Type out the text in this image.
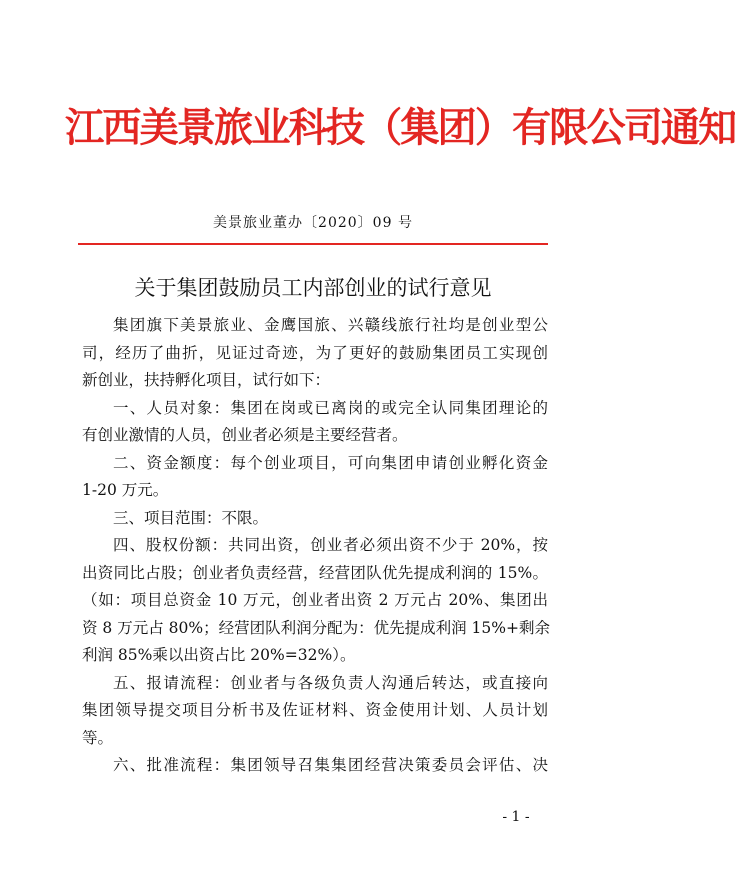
江西美景旅业科技（集团）有限公司通知
美景旅业董办〔2020〕09 号
关于集团鼓励员工内部创业的试行意见
集团旗下美景旅业、金鹰国旅、兴赣线旅行社均是创业型公
司，经历了曲折，见证过奇迹，为了更好的鼓励集团员工实现创
新创业，扶持孵化项目，试行如下：
一、人员对象：集团在岗或已离岗的或完全认同集团理论的
有创业激情的人员，创业者必须是主要经营者。
二、资金额度：每个创业项目，可向集团申请创业孵化资金
1-20 万元。
三、项目范围：不限。
四、股权份额：共同出资，创业者必须出资不少于 20%，按
出资同比占股；创业者负责经营，经营团队优先提成利润的 15%。
（如：项目总资金 10 万元，创业者出资 2 万元占 20%、集团出
资 8 万元占 80%；经营团队利润分配为：优先提成利润 15%+剩余
利润 85%乘以出资占比 20%=32%）。
五、报请流程：创业者与各级负责人沟通后转达，或直接向
集团领导提交项目分析书及佐证材料、资金使用计划、人员计划
等。
六、批准流程：集团领导召集集团经营决策委员会评估、决
- 1 -
